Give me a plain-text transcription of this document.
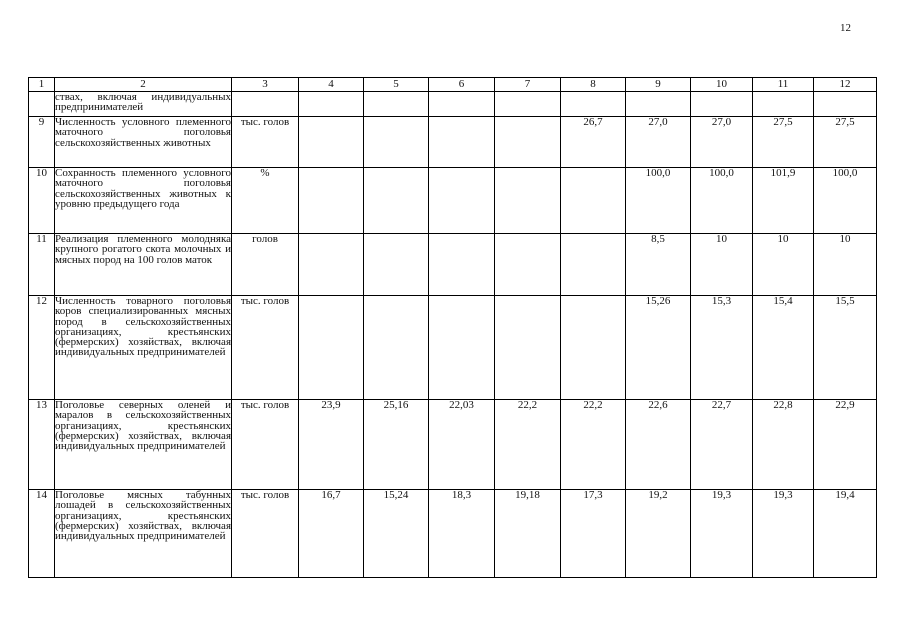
12
1	2	3	4	5	6	7	8	9	10	11	12
	ствах, включая индивидуальных предпринимателей										
9	Численность условного племенного маточного поголовья сельскохозяйственных животных	тыс. голов					26,7	27,0	27,0	27,5	27,5
10	Сохранность племенного условного маточного поголовья сельскохозяйственных животных к уровню предыдущего года	%						100,0	100,0	101,9	100,0
11	Реализация племенного молодняка крупного рогатого скота молочных и мясных пород на 100 голов маток	голов						8,5	10	10	10
12	Численность товарного поголовья коров специализированных мясных пород в сельскохозяйственных организациях, крестьянских (фермерских) хозяйствах, включая индивидуальных предпринимателей	тыс. голов						15,26	15,3	15,4	15,5
13	Поголовье северных оленей и маралов в сельскохозяйственных организациях, крестьянских (фермерских) хозяйствах, включая индивидуальных предпринимателей	тыс. голов	23,9	25,16	22,03	22,2	22,2	22,6	22,7	22,8	22,9
14	Поголовье мясных табунных лошадей в сельскохозяйственных организациях, крестьянских (фермерских) хозяйствах, включая индивидуальных предпринимателей	тыс. голов	16,7	15,24	18,3	19,18	17,3	19,2	19,3	19,3	19,4
